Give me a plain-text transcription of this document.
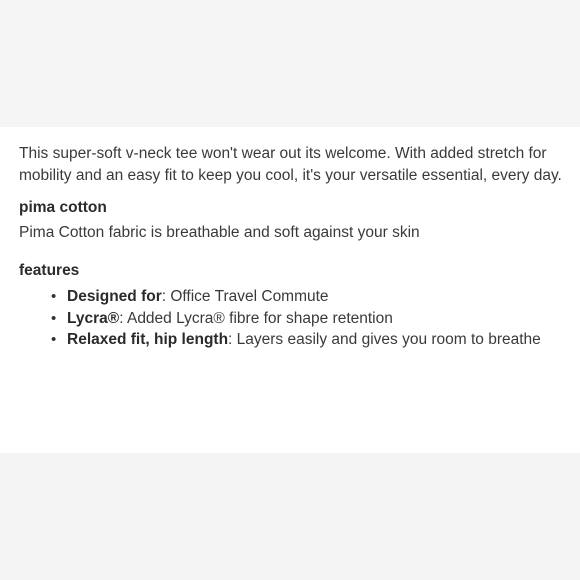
This super-soft v-neck tee won't wear out its welcome. With added stretch for mobility and an easy fit to keep you cool, it's your versatile essential, every day.

pima cotton

Pima Cotton fabric is breathable and soft against your skin

features
• Designed for: Office Travel Commute
• Lycra®: Added Lycra® fibre for shape retention
• Relaxed fit, hip length: Layers easily and gives you room to breathe
